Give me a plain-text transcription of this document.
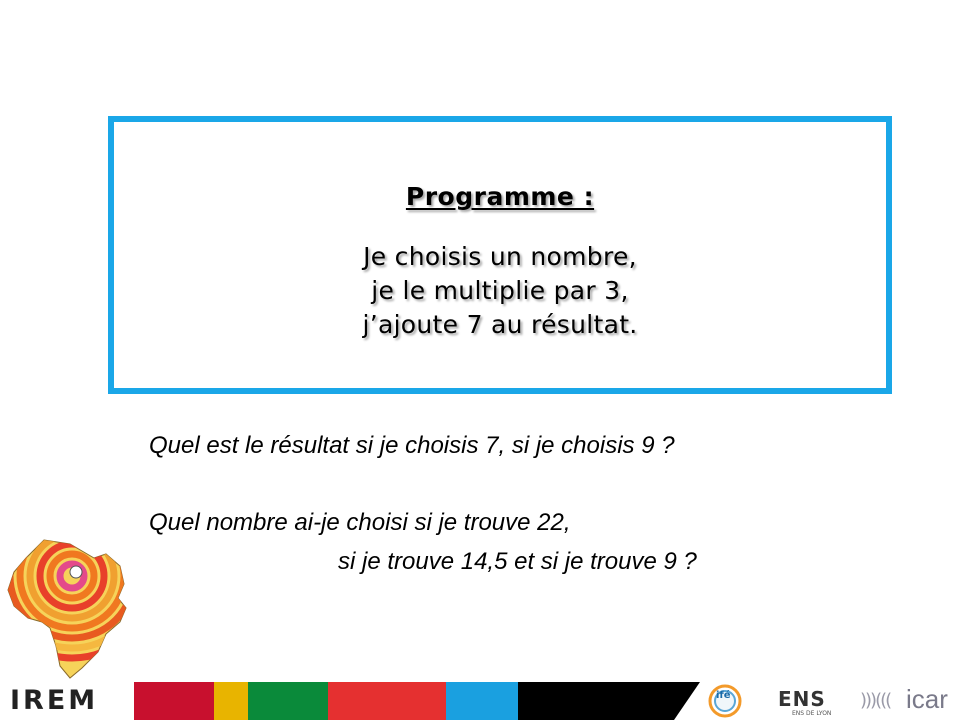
Programme :
Je choisis un nombre,
je le multiplie par 3,
j’ajoute 7 au résultat.
Quel est le résultat si je choisis 7, si je choisis 9 ?
Quel nombre ai-je choisi si je trouve 22,
si je trouve 14,5 et si je trouve 9 ?
IREM	ifé ENS
ENS DE LYON
)))((( icar
